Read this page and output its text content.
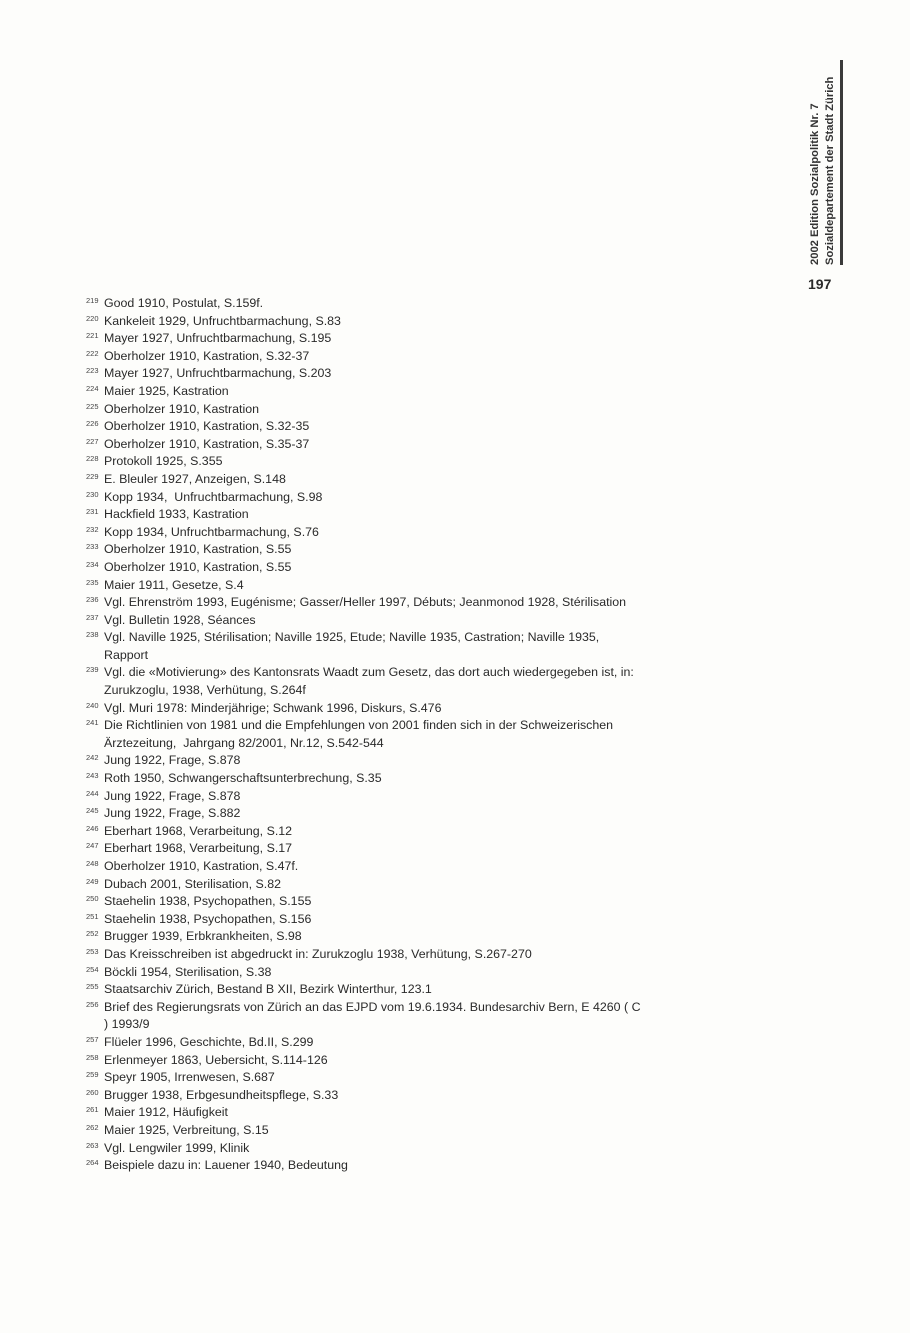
2002 Edition Sozialpolitik Nr. 7 Sozialdepartement der Stadt Zürich
197
219 Good 1910, Postulat, S.159f.
220 Kankeleit 1929, Unfruchtbarmachung, S.83
221 Mayer 1927, Unfruchtbarmachung, S.195
222 Oberholzer 1910, Kastration, S.32-37
223 Mayer 1927, Unfruchtbarmachung, S.203
224 Maier 1925, Kastration
225 Oberholzer 1910, Kastration
226 Oberholzer 1910, Kastration, S.32-35
227 Oberholzer 1910, Kastration, S.35-37
228 Protokoll 1925, S.355
229 E. Bleuler 1927, Anzeigen, S.148
230 Kopp 1934,  Unfruchtbarmachung, S.98
231 Hackfield 1933, Kastration
232 Kopp 1934, Unfruchtbarmachung, S.76
233 Oberholzer 1910, Kastration, S.55
234 Oberholzer 1910, Kastration, S.55
235 Maier 1911, Gesetze, S.4
236 Vgl. Ehrenström 1993, Eugénisme; Gasser/Heller 1997, Débuts; Jeanmonod 1928, Stérilisation
237 Vgl. Bulletin 1928, Séances
238 Vgl. Naville 1925, Stérilisation; Naville 1925, Etude; Naville 1935, Castration; Naville 1935, Rapport
239 Vgl. die «Motivierung» des Kantonsrats Waadt zum Gesetz, das dort auch wiedergegeben ist, in:  Zurukzoglu, 1938, Verhütung, S.264f
240 Vgl. Muri 1978: Minderjährige; Schwank 1996, Diskurs, S.476
241 Die Richtlinien von 1981 und die Empfehlungen von 2001 finden sich in der Schweizerischen Ärztezeitung,  Jahrgang 82/2001, Nr.12, S.542-544
242 Jung 1922, Frage, S.878
243 Roth 1950, Schwangerschaftsunterbrechung, S.35
244 Jung 1922, Frage, S.878
245 Jung 1922, Frage, S.882
246 Eberhart 1968, Verarbeitung, S.12
247 Eberhart 1968, Verarbeitung, S.17
248 Oberholzer 1910, Kastration, S.47f.
249 Dubach 2001, Sterilisation, S.82
250 Staehelin 1938, Psychopathen, S.155
251 Staehelin 1938, Psychopathen, S.156
252 Brugger 1939, Erbkrankheiten, S.98
253 Das Kreisschreiben ist abgedruckt in: Zurukzoglu 1938, Verhütung, S.267-270
254 Böckli 1954, Sterilisation, S.38
255 Staatsarchiv Zürich, Bestand B XII, Bezirk Winterthur, 123.1
256 Brief des Regierungsrats von Zürich an das EJPD vom 19.6.1934. Bundesarchiv Bern, E 4260 ( C ) 1993/9
257 Flüeler 1996, Geschichte, Bd.II, S.299
258 Erlenmeyer 1863, Uebersicht, S.114-126
259 Speyr 1905, Irrenwesen, S.687
260 Brugger 1938, Erbgesundheitspflege, S.33
261 Maier 1912, Häufigkeit
262 Maier 1925, Verbreitung, S.15
263 Vgl. Lengwiler 1999, Klinik
264 Beispiele dazu in: Lauener 1940, Bedeutung
